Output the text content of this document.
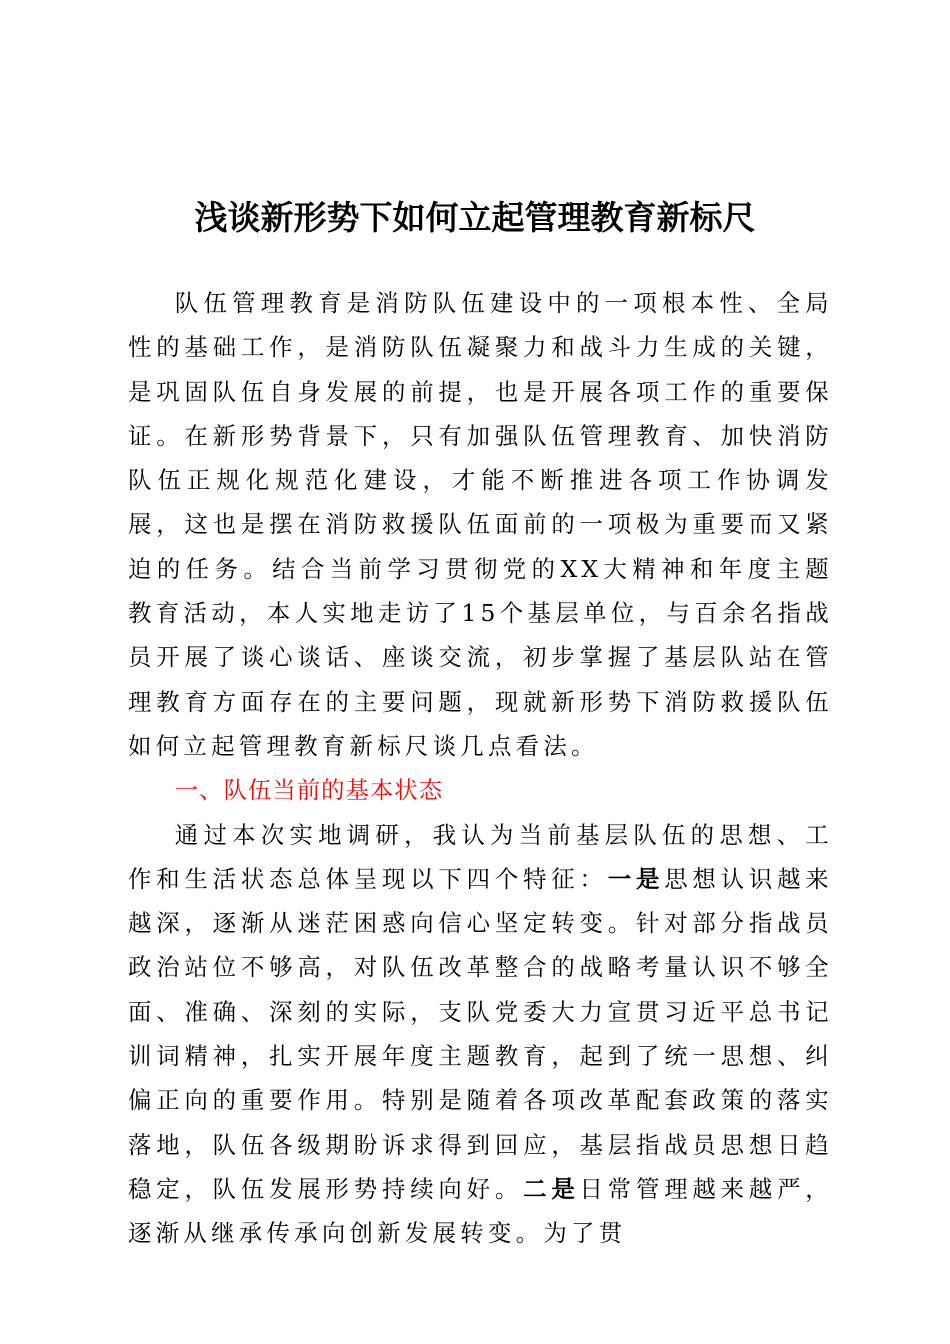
浅谈新形势下如何立起管理教育新标尺

队伍管理教育是消防队伍建设中的一项根本性、全局性的基础工作，是消防队伍凝聚力和战斗力生成的关键，是巩固队伍自身发展的前提，也是开展各项工作的重要保证。在新形势背景下，只有加强队伍管理教育、加快消防队伍正规化规范化建设，才能不断推进各项工作协调发展，这也是摆在消防救援队伍面前的一项极为重要而又紧迫的任务。结合当前学习贯彻党的XX大精神和年度主题教育活动，本人实地走访了15个基层单位，与百余名指战员开展了谈心谈话、座谈交流，初步掌握了基层队站在管理教育方面存在的主要问题，现就新形势下消防救援队伍如何立起管理教育新标尺谈几点看法。

一、队伍当前的基本状态

通过本次实地调研，我认为当前基层队伍的思想、工作和生活状态总体呈现以下四个特征：一是思想认识越来越深，逐渐从迷茫困惑向信心坚定转变。针对部分指战员政治站位不够高，对队伍改革整合的战略考量认识不够全面、准确、深刻的实际，支队党委大力宣贯习近平总书记训词精神，扎实开展年度主题教育，起到了统一思想、纠偏正向的重要作用。特别是随着各项改革配套政策的落实落地，队伍各级期盼诉求得到回应，基层指战员思想日趋稳定，队伍发展形势持续向好。二是日常管理越来越严，逐渐从继承传承向创新发展转变。为了贯
